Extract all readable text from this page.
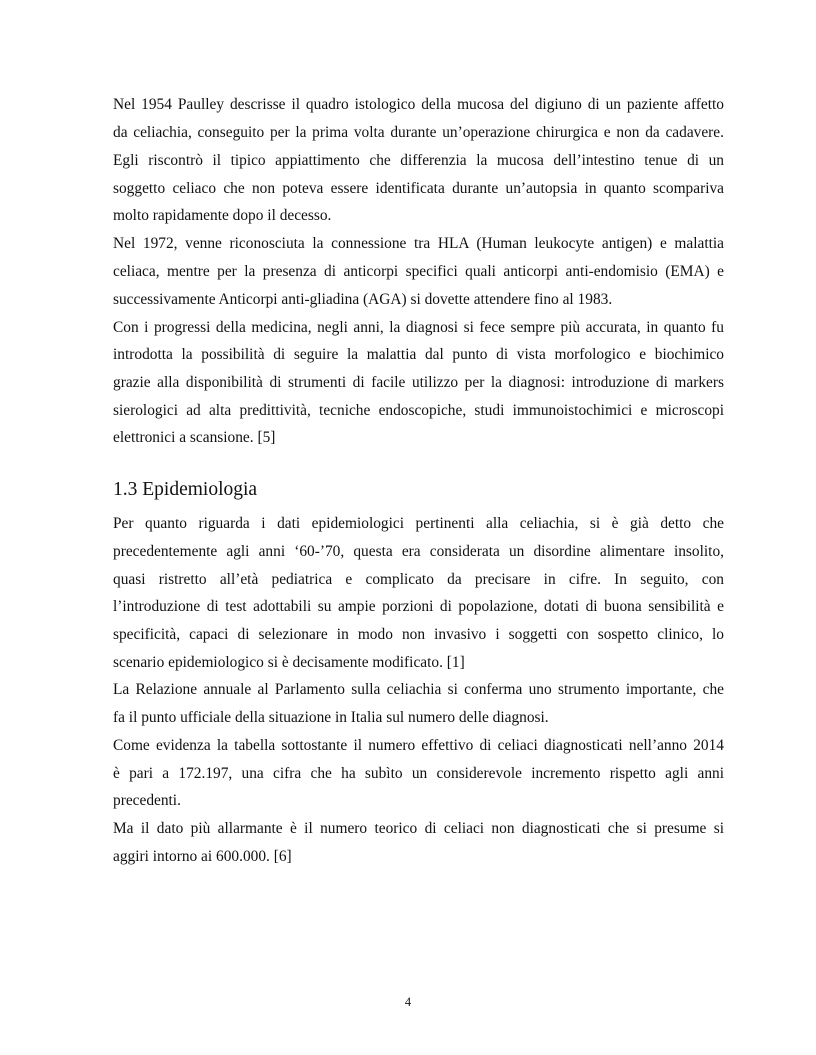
Nel 1954 Paulley descrisse il quadro istologico della mucosa del digiuno di un paziente affetto
da celiachia, conseguito per la prima volta durante un’operazione chirurgica e non da cadavere.
Egli riscontrò il tipico appiattimento che differenzia la mucosa dell’intestino tenue di un
soggetto celiaco che non poteva essere identificata durante un’autopsia in quanto scompariva
molto rapidamente dopo il decesso.
Nel 1972, venne riconosciuta la connessione tra HLA (Human leukocyte antigen) e malattia
celiaca, mentre per la presenza di anticorpi specifici quali anticorpi anti-endomisio (EMA) e
successivamente Anticorpi anti-gliadina (AGA) si dovette attendere fino al 1983.
Con i progressi della medicina, negli anni, la diagnosi si fece sempre più accurata, in quanto fu
introdotta la possibilità di seguire la malattia dal punto di vista morfologico e biochimico
grazie alla disponibilità di strumenti di facile utilizzo per la diagnosi: introduzione di markers
sierologici ad alta predittività, tecniche endoscopiche, studi immunoistochimici e microscopi
elettronici a scansione. [5]
1.3 Epidemiologia
Per quanto riguarda i dati epidemiologici pertinenti alla celiachia, si è già detto che
precedentemente agli anni ‘60-’70, questa era considerata un disordine alimentare insolito,
quasi ristretto all’età pediatrica e complicato da precisare in cifre. In seguito, con
l’introduzione di test adottabili su ampie porzioni di popolazione, dotati di buona sensibilità e
specificità, capaci di selezionare in modo non invasivo i soggetti con sospetto clinico, lo
scenario epidemiologico si è decisamente modificato. [1]
La Relazione annuale al Parlamento sulla celiachia si conferma uno strumento importante, che
fa il punto ufficiale della situazione in Italia sul numero delle diagnosi.
Come evidenza la tabella sottostante il numero effettivo di celiaci diagnosticati nell’anno 2014
è pari a 172.197, una cifra che ha subìto un considerevole incremento rispetto agli anni
precedenti.
Ma il dato più allarmante è il numero teorico di celiaci non diagnosticati che si presume si
aggiri intorno ai 600.000. [6]
4
